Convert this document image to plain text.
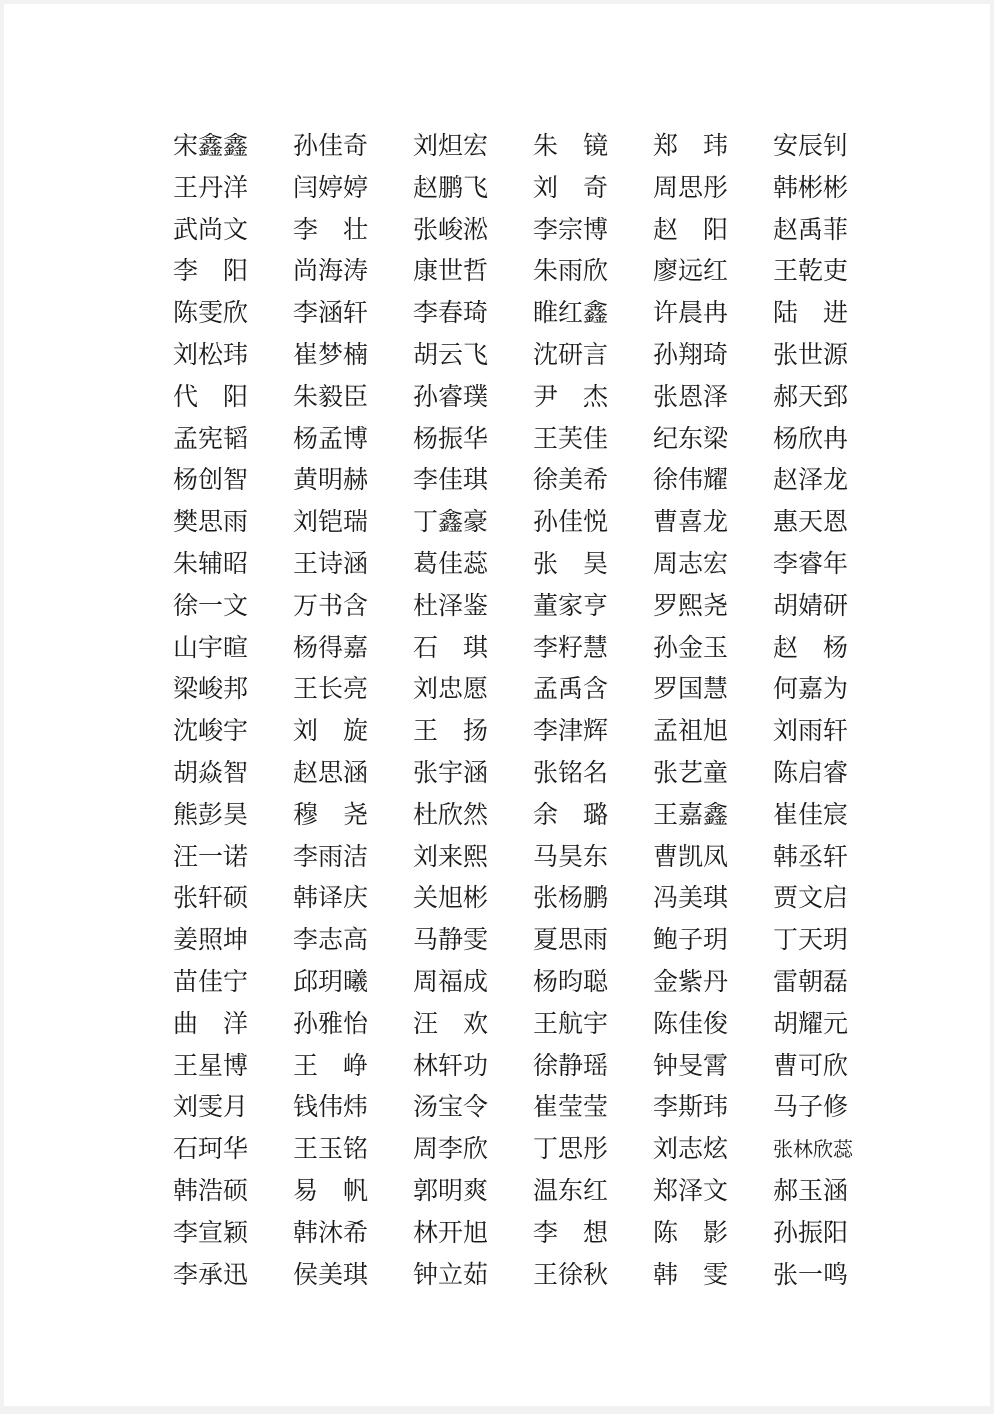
宋鑫鑫 孙佳奇 刘炟宏 朱　镜 郑　玮 安辰钊
王丹洋 闫婷婷 赵鹏飞 刘　奇 周思彤 韩彬彬
武尚文 李　壮 张峻淞 李宗博 赵　阳 赵禹菲
李　阳 尚海涛 康世哲 朱雨欣 廖远红 王乾吏
陈雯欣 李涵轩 李春琦 睢红鑫 许晨冉 陆　进
刘松玮 崔梦楠 胡云飞 沈研言 孙翔琦 张世源
代　阳 朱毅臣 孙睿璞 尹　杰 张恩泽 郝天郅
孟宪韬 杨孟博 杨振华 王芙佳 纪东梁 杨欣冉
杨创智 黄明赫 李佳琪 徐美希 徐伟耀 赵泽龙
樊思雨 刘铠瑞 丁鑫豪 孙佳悦 曹喜龙 惠天恩
朱辅昭 王诗涵 葛佳蕊 张　昊 周志宏 李睿年
徐一文 万书含 杜泽鉴 董家亨 罗熙尧 胡婧研
山宇暄 杨得嘉 石　琪 李籽慧 孙金玉 赵　杨
梁峻邦 王长亮 刘忠愿 孟禹含 罗国慧 何嘉为
沈峻宇 刘　旋 王　扬 李津辉 孟祖旭 刘雨轩
胡焱智 赵思涵 张宇涵 张铭名 张艺童 陈启睿
熊彭昊 穆　尧 杜欣然 余　璐 王嘉鑫 崔佳宸
汪一诺 李雨洁 刘来熙 马昊东 曹凯凤 韩丞轩
张轩硕 韩译庆 关旭彬 张杨鹏 冯美琪 贾文启
姜照坤 李志高 马静雯 夏思雨 鲍子玥 丁天玥
苗佳宁 邱玥曦 周福成 杨昀聪 金紫丹 雷朝磊
曲　洋 孙雅怡 汪　欢 王航宇 陈佳俊 胡耀元
王星博 王　峥 林轩功 徐静瑶 钟旻霄 曹可欣
刘雯月 钱伟炜 汤宝令 崔莹莹 李斯玮 马子修
石珂华 王玉铭 周李欣 丁思彤 刘志炫 张林欣蕊
韩浩硕 易　帆 郭明爽 温东红 郑泽文 郝玉涵
李宣颖 韩沐希 林开旭 李　想 陈　影 孙振阳
李承迅 侯美琪 钟立茹 王徐秋 韩　雯 张一鸣
